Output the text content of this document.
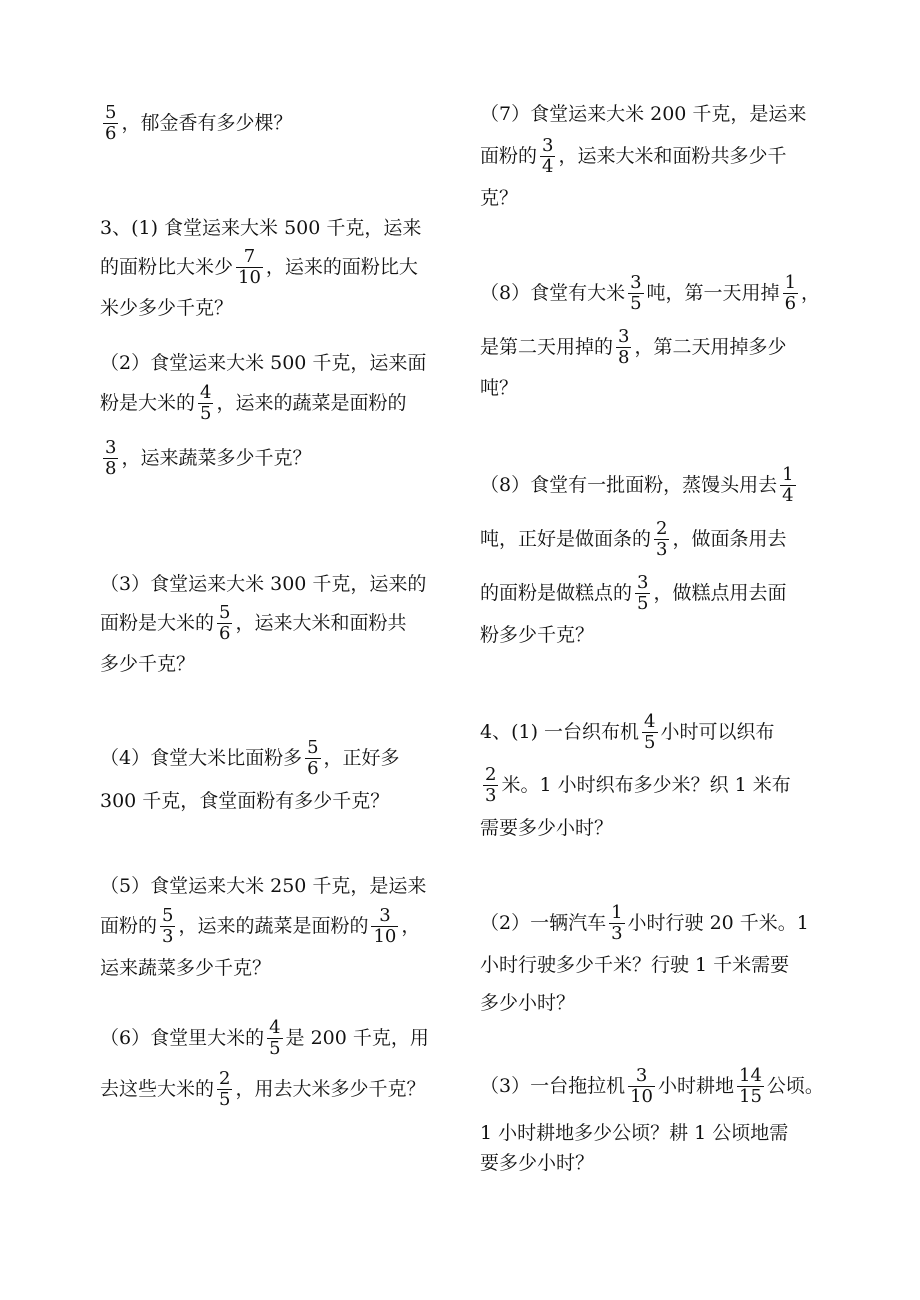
$\frac{5}{6}$ ，郁金香有多少棵？
3、(1) 食堂运来大米 500 千克，运来
的面粉比大米少 $\frac{7}{10}$ ，运来的面粉比大
米少多少千克？
（2）食堂运来大米 500 千克，运来面
粉是大米的 $\frac{4}{5}$ ，运来的蔬菜是面粉的
$\frac{3}{8}$ ，运来蔬菜多少千克？
（3）食堂运来大米 300 千克，运来的
面粉是大米的 $\frac{5}{6}$ ，运来大米和面粉共
多少千克？
（4）食堂大米比面粉多 $\frac{5}{6}$ ，正好多
300 千克，食堂面粉有多少千克？
（5）食堂运来大米 250 千克，是运来
面粉的 $\frac{5}{3}$ ，运来的蔬菜是面粉的 $\frac{3}{10}$ ，
运来蔬菜多少千克？
（6）食堂里大米的 $\frac{4}{5}$ 是 200 千克，用
去这些大米的 $\frac{2}{5}$ ，用去大米多少千克？
（7）食堂运来大米 200 千克，是运来
面粉的 $\frac{3}{4}$ ，运来大米和面粉共多少千
克？
（8）食堂有大米 $\frac{3}{5}$ 吨，第一天用掉 $\frac{1}{6}$ ，
是第二天用掉的 $\frac{3}{8}$ ，第二天用掉多少
吨？
（8）食堂有一批面粉，蒸馒头用去 $\frac{1}{4}$
吨，正好是做面条的 $\frac{2}{3}$ ，做面条用去
的面粉是做糕点的 $\frac{3}{5}$ ，做糕点用去面
粉多少千克？
4、(1) 一台织布机 $\frac{4}{5}$ 小时可以织布
$\frac{2}{3}$ 米。1 小时织布多少米？织 1 米布
需要多少小时？
（2）一辆汽车 $\frac{1}{3}$ 小时行驶 20 千米。1
小时行驶多少千米？行驶 1 千米需要
多少小时？
（3）一台拖拉机 $\frac{3}{10}$ 小时耕地 $\frac{14}{15}$ 公顷。
1 小时耕地多少公顷？耕 1 公顷地需
要多少小时？
